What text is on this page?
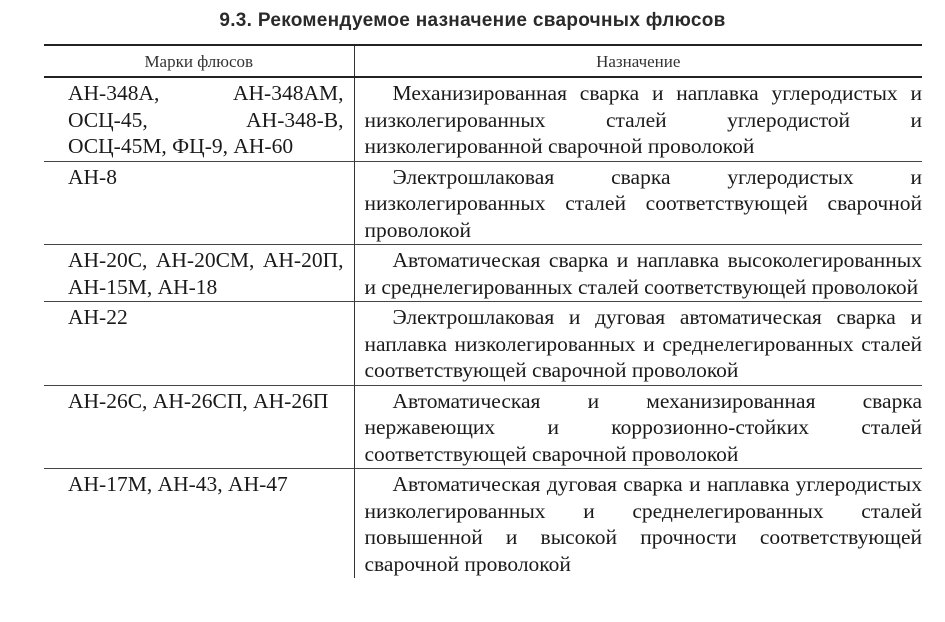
9.3. Рекомендуемое назначение сварочных флюсов
Марки флюсов	Назначение
АН-348А, АН-348АМ, ОСЦ-45, АН-348-В, ОСЦ-45М, ФЦ-9, АН-60	Механизированная сварка и наплавка углеродистых и низколегированных сталей углеродистой и низколегированной сварочной проволокой
АН-8	Электрошлаковая сварка углеродистых и низколегированных сталей соответствующей сварочной проволокой
АН-20С, АН-20СМ, АН-20П, АН-15М, АН-18	Автоматическая сварка и наплавка высоколегированных и среднелегированных сталей соответствующей проволокой
АН-22	Электрошлаковая и дуговая автоматическая сварка и наплавка низколегированных и среднелегированных сталей соответствующей сварочной проволокой
АН-26С, АН-26СП, АН-26П	Автоматическая и механизированная сварка нержавеющих и коррозионно-стойких сталей соответствующей сварочной проволокой
АН-17М, АН-43, АН-47	Автоматическая дуговая сварка и наплавка углеродистых низколегированных и среднелегированных сталей повышенной и высокой прочности соответствующей сварочной проволокой
